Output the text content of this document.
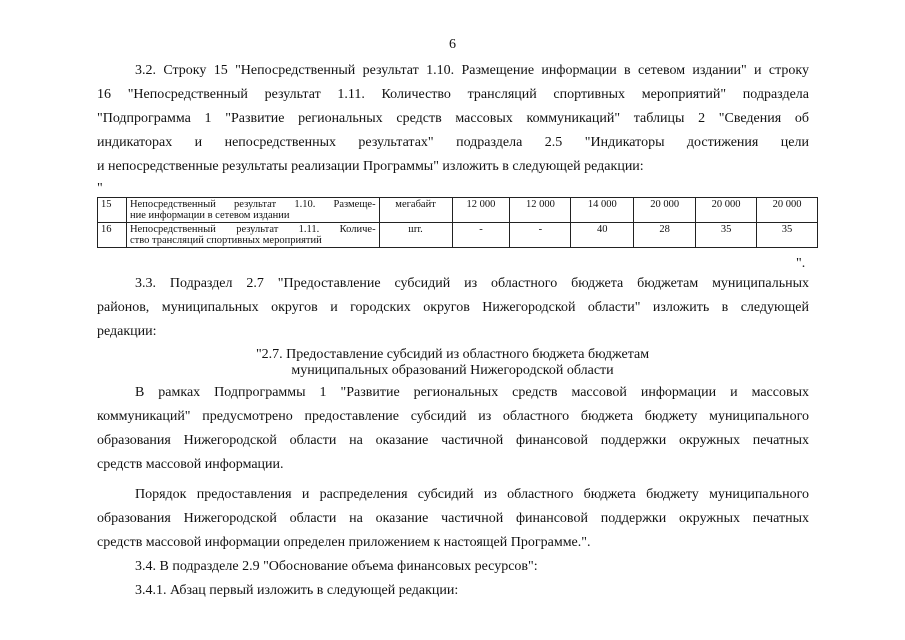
6
3.2. Строку 15 "Непосредственный результат 1.10. Размещение информации в сетевом издании" и строку
16 "Непосредственный результат 1.11. Количество трансляций спортивных мероприятий" подраздела
"Подпрограмма 1 "Развитие региональных средств массовых коммуникаций" таблицы 2 "Сведения об
индикаторах и непосредственных результатах" подраздела 2.5 "Индикаторы достижения цели
и непосредственные результаты реализации Программы" изложить в следующей редакции:
"
15	Непосредственный результат 1.10. Размеще-
ние информации в сетевом издании	мегабайт	12 000	12 000	14 000	20 000	20 000	20 000
16	Непосредственный результат 1.11. Количе-
ство трансляций спортивных мероприятий	шт.	-	-	40	28	35	35
".
3.3. Подраздел 2.7 "Предоставление субсидий из областного бюджета бюджетам муниципальных
районов, муниципальных округов и городских округов Нижегородской области" изложить в следующей
редакции:
"2.7. Предоставление субсидий из областного бюджета бюджетам
муниципальных образований Нижегородской области
В рамках Подпрограммы 1 "Развитие региональных средств массовой информации и массовых
коммуникаций" предусмотрено предоставление субсидий из областного бюджета бюджету муниципального
образования Нижегородской области на оказание частичной финансовой поддержки окружных печатных
средств массовой информации.
Порядок предоставления и распределения субсидий из областного бюджета бюджету муниципального
образования Нижегородской области на оказание частичной финансовой поддержки окружных печатных
средств массовой информации определен приложением к настоящей Программе.".
3.4. В подразделе 2.9 "Обоснование объема финансовых ресурсов":
3.4.1. Абзац первый изложить в следующей редакции:
